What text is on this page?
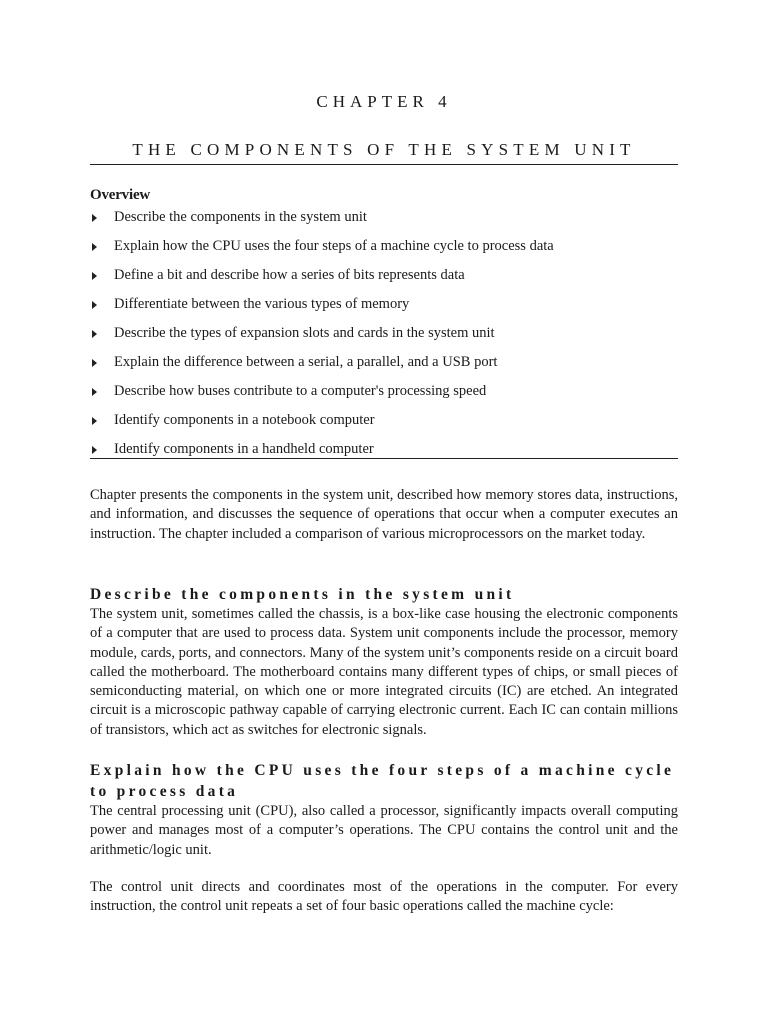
CHAPTER 4
THE COMPONENTS OF THE SYSTEM UNIT
Overview
Describe the components in the system unit
Explain how the CPU uses the four steps of a machine cycle to process data
Define a bit and describe how a series of bits represents data
Differentiate between the various types of memory
Describe the types of expansion slots and cards in the system unit
Explain the difference between a serial, a parallel, and a USB port
Describe how buses contribute to a computer's processing speed
Identify components in a notebook computer
Identify components in a handheld computer

Chapter presents the components in the system unit, described how memory stores data, instructions, and information, and discusses the sequence of operations that occur when a computer executes an instruction. The chapter included a comparison of various microprocessors on the market today.

Describe the components in the system unit

The system unit, sometimes called the chassis, is a box-like case housing the electronic components of a computer that are used to process data. System unit components include the processor, memory module, cards, ports, and connectors. Many of the system unit’s components reside on a circuit board called the motherboard. The motherboard contains many different types of chips, or small pieces of semiconducting material, on which one or more integrated circuits (IC) are etched. An integrated circuit is a microscopic pathway capable of carrying electronic current. Each IC can contain millions of transistors, which act as switches for electronic signals.

Explain how the CPU uses the four steps of a machine cycle to process data

The central processing unit (CPU), also called a processor, significantly impacts overall computing power and manages most of a computer’s operations. The CPU contains the control unit and the arithmetic/logic unit.

The control unit directs and coordinates most of the operations in the computer. For every instruction, the control unit repeats a set of four basic operations called the machine cycle:
